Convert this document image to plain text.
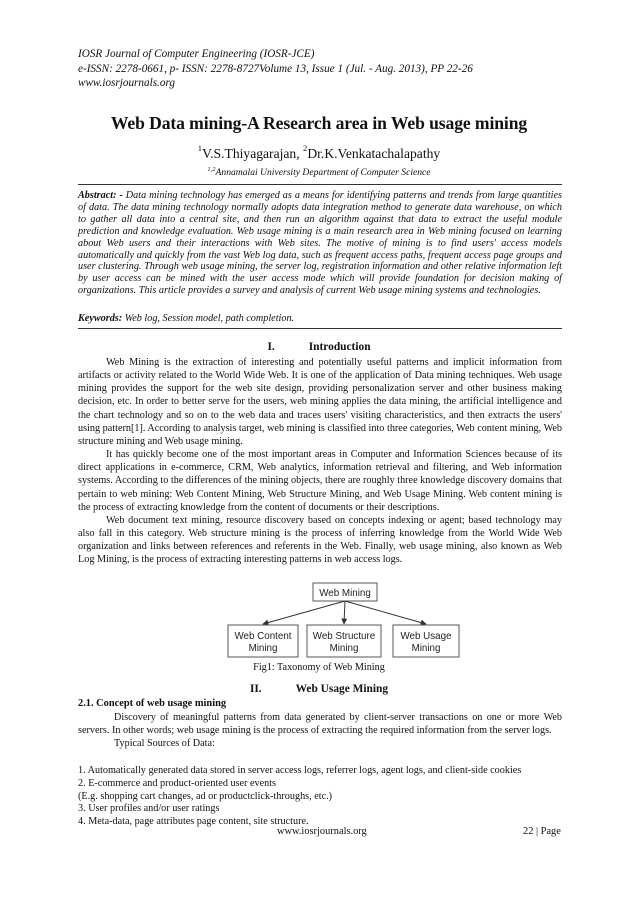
IOSR Journal of Computer Engineering (IOSR-JCE)
e-ISSN: 2278-0661, p- ISSN: 2278-8727Volume 13, Issue 1 (Jul. - Aug. 2013), PP 22-26
www.iosrjournals.org
Web Data mining-A Research area in Web usage mining
$^1$V.S.Thiyagarajan, $^2$Dr.K.Venkatachalapathy
$^{1,2}$Annamalai University Department of Computer Science
Abstract: - Data mining technology has emerged as a means for identifying patterns and trends from large quantities of data. The data mining technology normally adopts data integration method to generate data warehouse, on which to gather all data into a central site, and then run an algorithm against that data to extract the useful module prediction and knowledge evaluation. Web usage mining is a main research area in Web mining focused on learning about Web users and their interactions with Web sites. The motive of mining is to find users' access models automatically and quickly from the vast Web log data, such as frequent access paths, frequent access page groups and user clustering. Through web usage mining, the server log, registration information and other relative information left by user access can be mined with the user access mode which will provide foundation for decision making of organizations. This article provides a survey and analysis of current Web usage mining systems and technologies.
Keywords: Web log, Session model, path completion.
I.	Introduction

Web Mining is the extraction of interesting and potentially useful patterns and implicit information from artifacts or activity related to the World Wide Web. It is one of the application of Data mining techniques. Web usage mining provides the support for the web site design, providing personalization server and other business making decision, etc. In order to better serve for the users, web mining applies the data mining, the artificial intelligence and the chart technology and so on to the web data and traces users' visiting characteristics, and then extracts the users' using pattern[1]. According to analysis target, web mining is classified into three categories, Web content mining, Web structure mining and Web usage mining.

It has quickly become one of the most important areas in Computer and Information Sciences because of its direct applications in e-commerce, CRM, Web analytics, information retrieval and filtering, and Web information systems. According to the differences of the mining objects, there are roughly three knowledge discovery domains that pertain to web mining: Web Content Mining, Web Structure Mining, and Web Usage Mining. Web content mining is the process of extracting knowledge from the content of documents or their descriptions.

Web document text mining, resource discovery based on concepts indexing or agent; based technology may also fall in this category. Web structure mining is the process of inferring knowledge from the World Wide Web organization and links between references and referents in the Web. Finally, web usage mining, also known as Web Log Mining, is the process of extracting interesting patterns in web access logs.

Web Mining
Web Content
Mining
Web Structure
Mining
Web Usage
Mining
Fig1: Taxonomy of Web Mining
II.	Web Usage Mining
2.1. Concept of web usage mining

Discovery of meaningful patterns from data generated by client-server transactions on one or more Web servers. In other words; web usage mining is the process of extracting the required information from the server logs.

Typical Sources of Data:

1. Automatically generated data stored in server access logs, referrer logs, agent logs, and client-side cookies
2. E-commerce and product-oriented user events
(E.g. shopping cart changes, ad or productclick-throughs, etc.)
3. User profiles and/or user ratings
4. Meta-data, page attributes page content, site structure.
www.iosrjournals.org	22 | Page
